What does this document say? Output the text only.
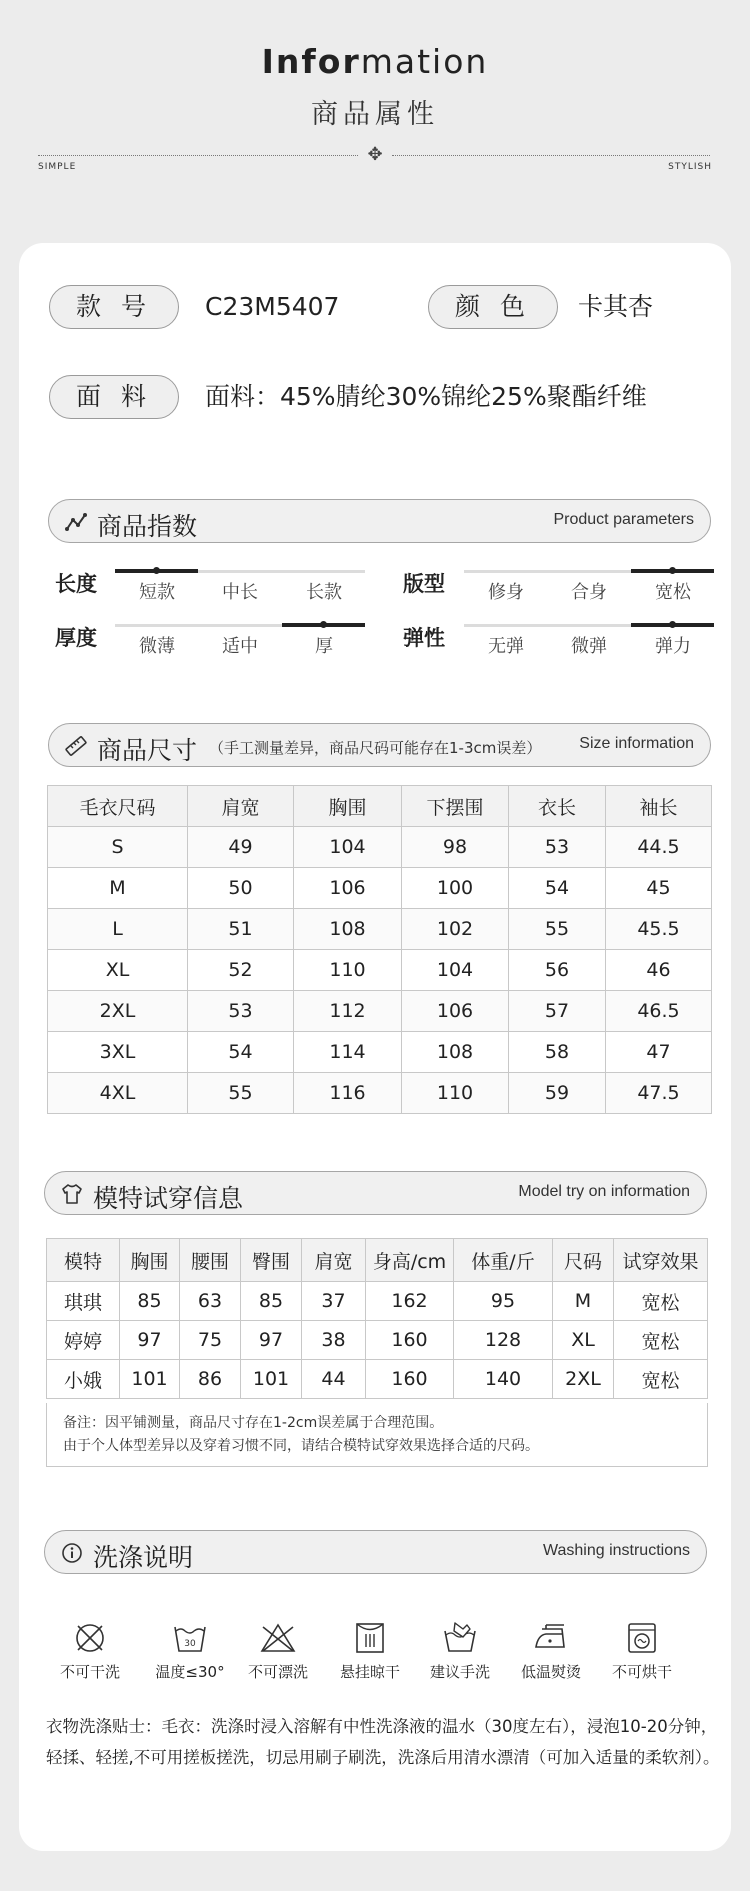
Information
商品属性
✥
SIMPLE	STYLISH
款 号	C23M5407	颜 色	卡其杏
面 料	面料：45%腈纶30%锦纶25%聚酯纤维
商品指数	Product parameters
长度	短款	中长	长款	版型	修身	合身	宽松
厚度	微薄	适中	厚	弹性	无弹	微弹	弹力
商品尺寸 （手工测量差异，商品尺码可能存在1-3cm误差） Size information
毛衣尺码	肩宽	胸围	下摆围	衣长	袖长
S	49	104	98	53	44.5
M	50	106	100	54	45
L	51	108	102	55	45.5
XL	52	110	104	56	46
2XL	53	112	106	57	46.5
3XL	54	114	108	58	47
4XL	55	116	110	59	47.5
模特试穿信息	Model try on information
模特	胸围	腰围	臀围	肩宽	身高/cm	体重/斤	尺码	试穿效果
琪琪	85	63	85	37	162	95	M	宽松
婷婷	97	75	97	38	160	128	XL	宽松
小娥	101	86	101	44	160	140	2XL	宽松
备注：因平铺测量，商品尺寸存在1-2cm误差属于合理范围。
由于个人体型差异以及穿着习惯不同，请结合模特试穿效果选择合适的尺码。
洗涤说明	Washing instructions
不可干洗
30
温度≤30°	不可漂洗	悬挂晾干	建议手洗	低温熨烫	不可烘干
衣物洗涤贴士：毛衣：洗涤时浸入溶解有中性洗涤液的温水（30度左右），浸泡10-20分钟，轻揉、轻搓,不可用搓板搓洗，切忌用刷子刷洗，洗涤后用清水漂清（可加入适量的柔软剂）。
